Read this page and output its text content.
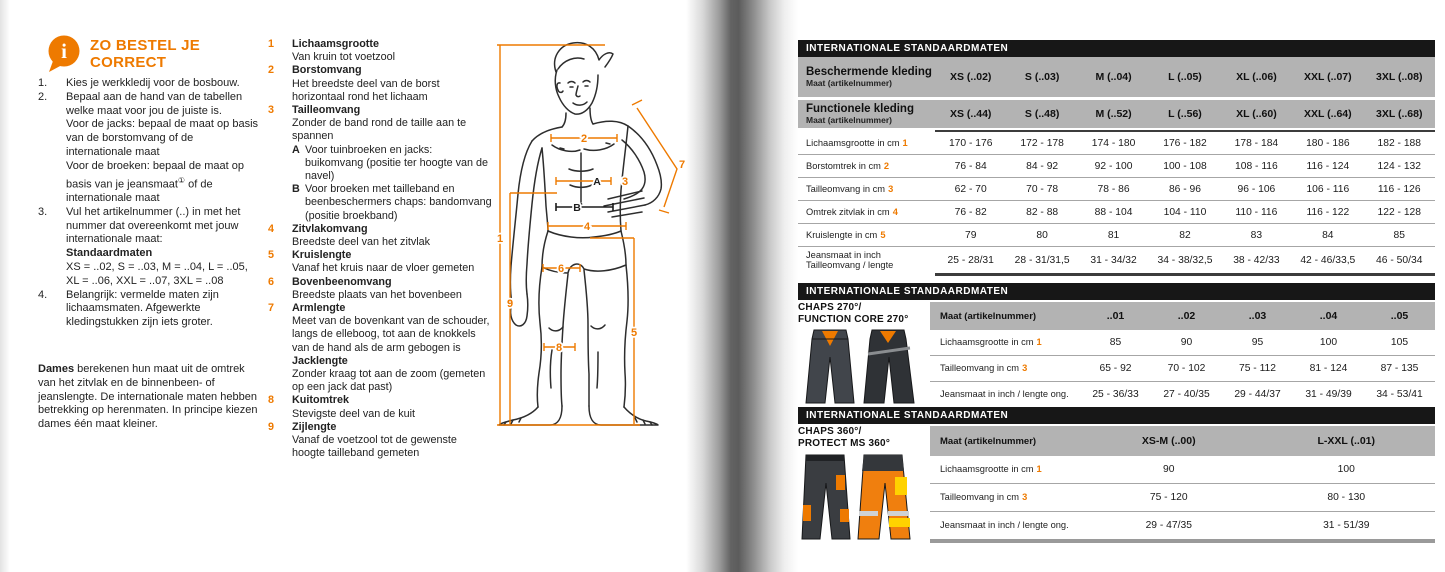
i ZO BESTEL JE
CORRECT
1.	Kies je werkkledij voor de bosbouw.

2.	Bepaal aan de hand van de tabellen welke maat voor jou de juiste is.

Voor de jacks: bepaal de maat op basis van de borstomvang of de internationale maat

Voor de broeken: bepaal de maat op basis van je jeansmaat① of de internationale maat

3.	Vul het artikelnummer (..) in met het nummer dat overeenkomt met jouw internationale maat:

Standaardmaten

XS = ..02, S = ..03, M = ..04, L = ..05, XL = ..06, XXL = ..07, 3XL = ..08

4.	Belangrijk: vermelde maten zijn lichaamsmaten. Afgewerkte kledingstukken zijn iets groter.

Dames berekenen hun maat uit de omtrek van het zitvlak en de binnenbeen- of jeanslengte. De internationale maten hebben betrekking op herenmaten. In principe kiezen dames één maat kleiner.
1	Lichaamsgrootte
Van kruin tot voetzool
2	Borstomvang
Het breedste deel van de borst horizontaal rond het lichaam
3	Tailleomvang
Zonder de band rond de taille aan te spannen
A Voor tuinbroeken en jacks: buikomvang (positie ter hoogte van de navel)
B Voor broeken met tailleband en beenbeschermers chaps: bandomvang (positie broekband)
4	Zitvlakomvang
Breedste deel van het zitvlak
5	Kruislengte
Vanaf het kruis naar de vloer gemeten
6	Bovenbeenomvang
Breedste plaats van het bovenbeen
7	Armlengte
Meet van de bovenkant van de schouder, langs de elleboog, tot aan de knokkels van de hand als de arm gebogen is
Jacklengte
Zonder kraag tot aan de zoom (gemeten op een jack dat past)
8	Kuitomtrek
Stevigste deel van de kuit
9	Zijlengte
Vanaf de voetzool tot de gewenste hoogte tailleband gemeten
1
2
3
4
5
6
7
8
9
A
B
INTERNATIONALE STANDAARDMATEN
Beschermende kleding
Maat (artikelnummer)
XS (..02)	S (..03)	M (..04)	L (..05)	XL (..06)	XXL (..07)	3XL (..08)
Functionele kleding
Maat (artikelnummer)
XS (..44)	S (..48)	M (..52)	L (..56)	XL (..60)	XXL (..64)	3XL (..68)
Lichaamsgrootte in cm 1	170 - 176	172 - 178	174 - 180	176 - 182	178 - 184	180 - 186	182 - 188
Borstomtrek in cm 2	76 - 84	84 - 92	92 - 100	100 - 108	108 - 116	116 - 124	124 - 132
Tailleomvang in cm 3	62 - 70	70 - 78	78 - 86	86 - 96	96 - 106	106 - 116	116 - 126
Omtrek zitvlak in cm 4	76 - 82	82 - 88	88 - 104	104 - 110	110 - 116	116 - 122	122 - 128
Kruislengte in cm 5	79	80	81	82	83	84	85
Jeansmaat in inch
Tailleomvang / lengte	25 - 28/31	28 - 31/31,5	31 - 34/32	34 - 38/32,5	38 - 42/33	42 - 46/33,5	46 - 50/34
INTERNATIONALE STANDAARDMATEN
CHAPS 270°/
FUNCTION CORE 270°	Maat (artikelnummer)	..01	..02	..03	..04	..05
Lichaamsgrootte in cm 1	85	90	95	100	105
Tailleomvang in cm 3	65 - 92	70 - 102	75 - 112	81 - 124	87 - 135
Jeansmaat in inch / lengte ong.	25 - 36/33	27 - 40/35	29 - 44/37	31 - 49/39	34 - 53/41
INTERNATIONALE STANDAARDMATEN
CHAPS 360°/
PROTECT MS 360°	Maat (artikelnummer)	XS-M (..00)	L-XXL (..01)
Lichaamsgrootte in cm 1	90	100
Tailleomvang in cm 3	75 - 120	80 - 130
Jeansmaat in inch / lengte ong.	29 - 47/35	31 - 51/39
